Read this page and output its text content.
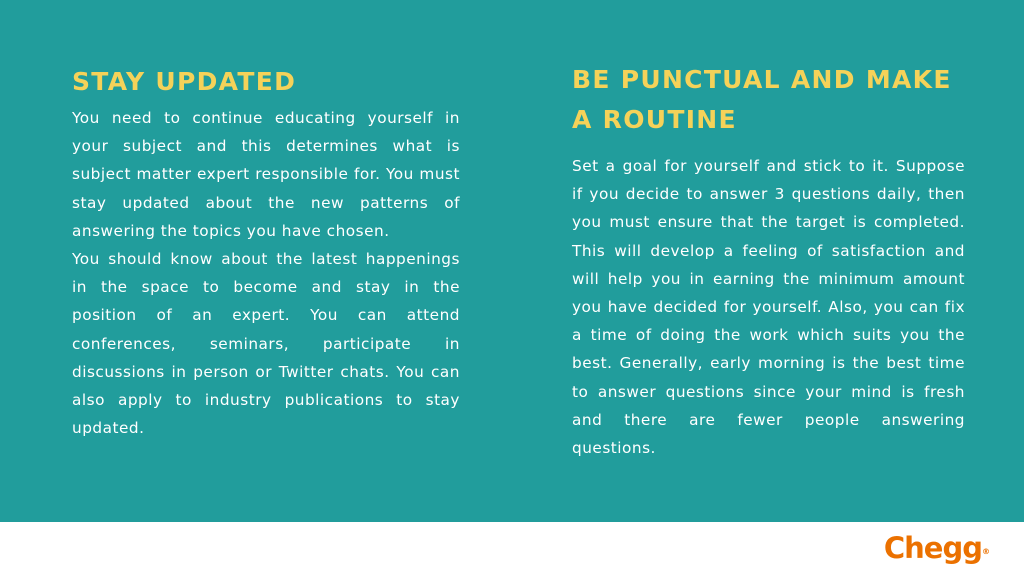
STAY UPDATED

You need to continue educating yourself in your subject and this determines what is subject matter expert responsible for. You must stay updated about the new patterns of answering the topics you have chosen.

You should know about the latest happenings in the space to become and stay in the position of an expert. You can attend conferences, seminars, participate in discussions in person or Twitter chats. You can also apply to industry publications to stay updated.

BE PUNCTUAL AND MAKE A ROUTINE

Set a goal for yourself and stick to it. Suppose if you decide to answer 3 questions daily, then you must ensure that the target is completed. This will develop a feeling of satisfaction and will help you in earning the minimum amount you have decided for yourself. Also, you can fix a time of doing the work which suits you the best. Generally, early morning is the best time to answer questions since your mind is fresh and there are fewer people answering questions.

Chegg®
